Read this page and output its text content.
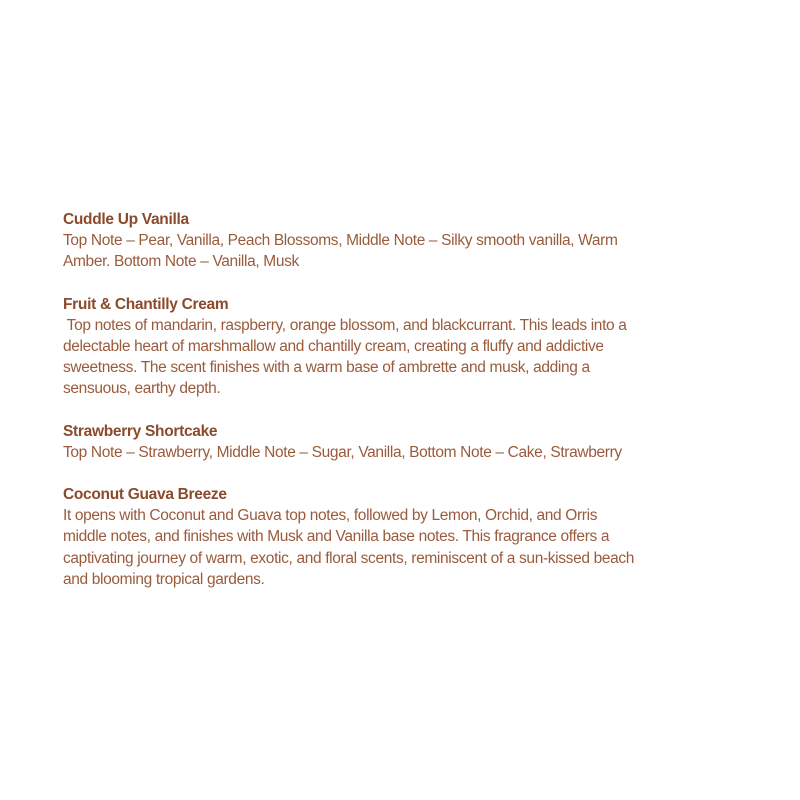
Cuddle Up Vanilla
Top Note – Pear, Vanilla, Peach Blossoms, Middle Note – Silky smooth vanilla, Warm
Amber. Bottom Note – Vanilla, Musk
Fruit & Chantilly Cream
Top notes of mandarin, raspberry, orange blossom, and blackcurrant. This leads into a
delectable heart of marshmallow and chantilly cream, creating a fluffy and addictive
sweetness. The scent finishes with a warm base of ambrette and musk, adding a
sensuous, earthy depth.
Strawberry Shortcake
Top Note – Strawberry, Middle Note – Sugar, Vanilla, Bottom Note – Cake, Strawberry
Coconut Guava Breeze
It opens with Coconut and Guava top notes, followed by Lemon, Orchid, and Orris
middle notes, and finishes with Musk and Vanilla base notes. This fragrance offers a
captivating journey of warm, exotic, and floral scents, reminiscent of a sun-kissed beach
and blooming tropical gardens.
